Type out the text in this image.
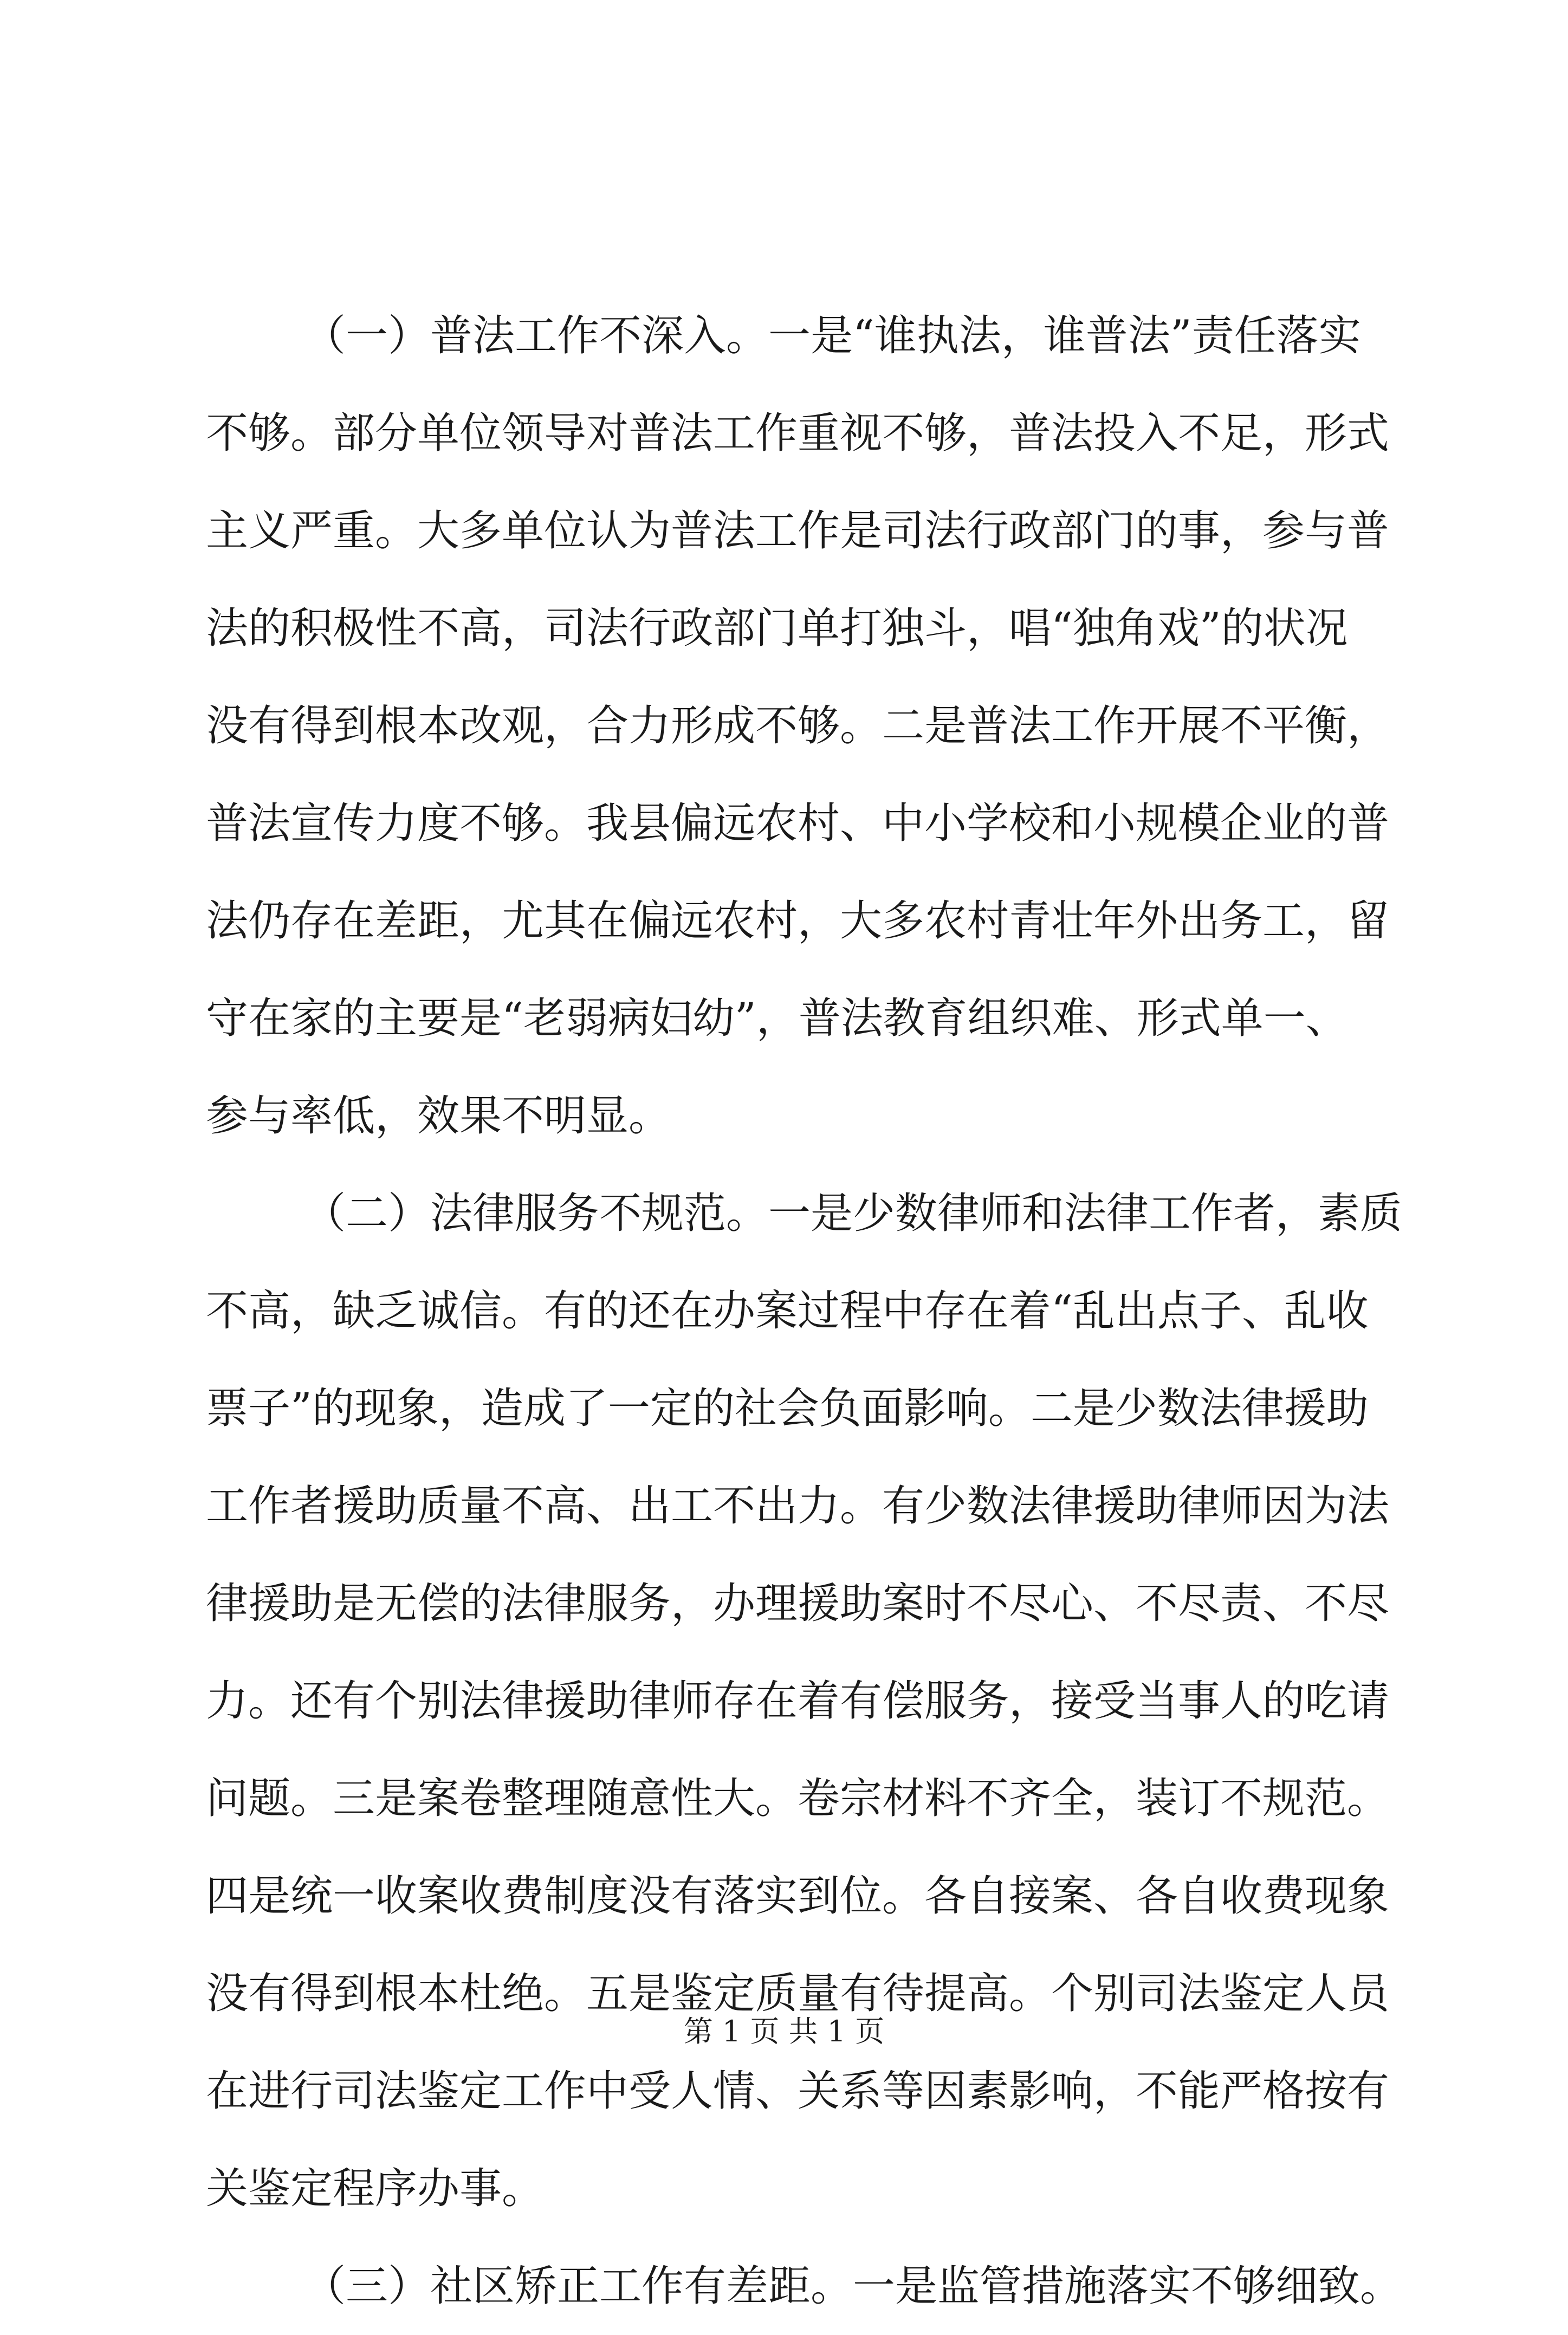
（一）普法工作不深入。一是“谁执法，谁普法”责任落实
不够。部分单位领导对普法工作重视不够，普法投入不足，形式
主义严重。大多单位认为普法工作是司法行政部门的事，参与普
法的积极性不高，司法行政部门单打独斗，唱“独角戏”的状况
没有得到根本改观，合力形成不够。二是普法工作开展不平衡，
普法宣传力度不够。我县偏远农村、中小学校和小规模企业的普
法仍存在差距，尤其在偏远农村，大多农村青壮年外出务工，留
守在家的主要是“老弱病妇幼”，普法教育组织难、形式单一、
参与率低，效果不明显。
（二）法律服务不规范。一是少数律师和法律工作者，素质
不高，缺乏诚信。有的还在办案过程中存在着“乱出点子、乱收
票子”的现象，造成了一定的社会负面影响。二是少数法律援助
工作者援助质量不高、出工不出力。有少数法律援助律师因为法
律援助是无偿的法律服务，办理援助案时不尽心、不尽责、不尽
力。还有个别法律援助律师存在着有偿服务，接受当事人的吃请
问题。三是案卷整理随意性大。卷宗材料不齐全，装订不规范。
四是统一收案收费制度没有落实到位。各自接案、各自收费现象
没有得到根本杜绝。五是鉴定质量有待提高。个别司法鉴定人员
在进行司法鉴定工作中受人情、关系等因素影响，不能严格按有
关鉴定程序办事。
（三）社区矫正工作有差距。一是监管措施落实不够细致。
第 1 页 共 1 页
